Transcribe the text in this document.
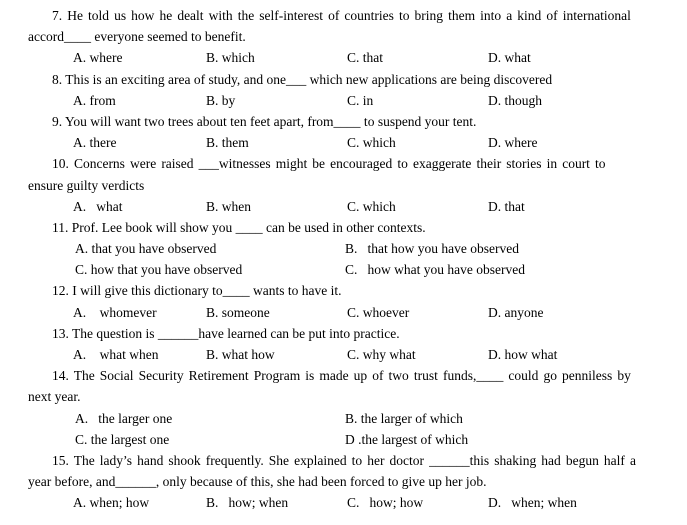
7. He told us how he dealt with the self-interest of countries to bring them into a kind of international
accord____ everyone seemed to benefit.
A. where	B. which	C. that	D. what
8. This is an exciting area of study, and one___ which new applications are being discovered
A. from	B. by	C. in	D. though
9. You will want two trees about ten feet apart, from____ to suspend your tent.
A. there	B. them	C. which	D. where
10. Concerns were raised ___witnesses might be encouraged to exaggerate their stories in court to
ensure guilty verdicts
A.   what	B. when	C. which	D. that
11. Prof. Lee book will show you ____ can be used in other contexts.
A. that you have observed	B.   that how you have observed
C. how that you have observed	C.   how what you have observed
12. I will give this dictionary to____ wants to have it.
A.    whomever	B. someone	C. whoever	D. anyone
13. The question is ______have learned can be put into practice.
A.    what when	B. what how	C. why what	D. how what
14. The Social Security Retirement Program is made up of two trust funds,____ could go penniless by
next year.
A.   the larger one	B. the larger of which
C. the largest one	D .the largest of which
15. The lady’s hand shook frequently. She explained to her doctor ______this shaking had begun half a
year before, and______, only because of this, she had been forced to give up her job.
A. when; how	B.   how; when	C.   how; how	D.   when; when
